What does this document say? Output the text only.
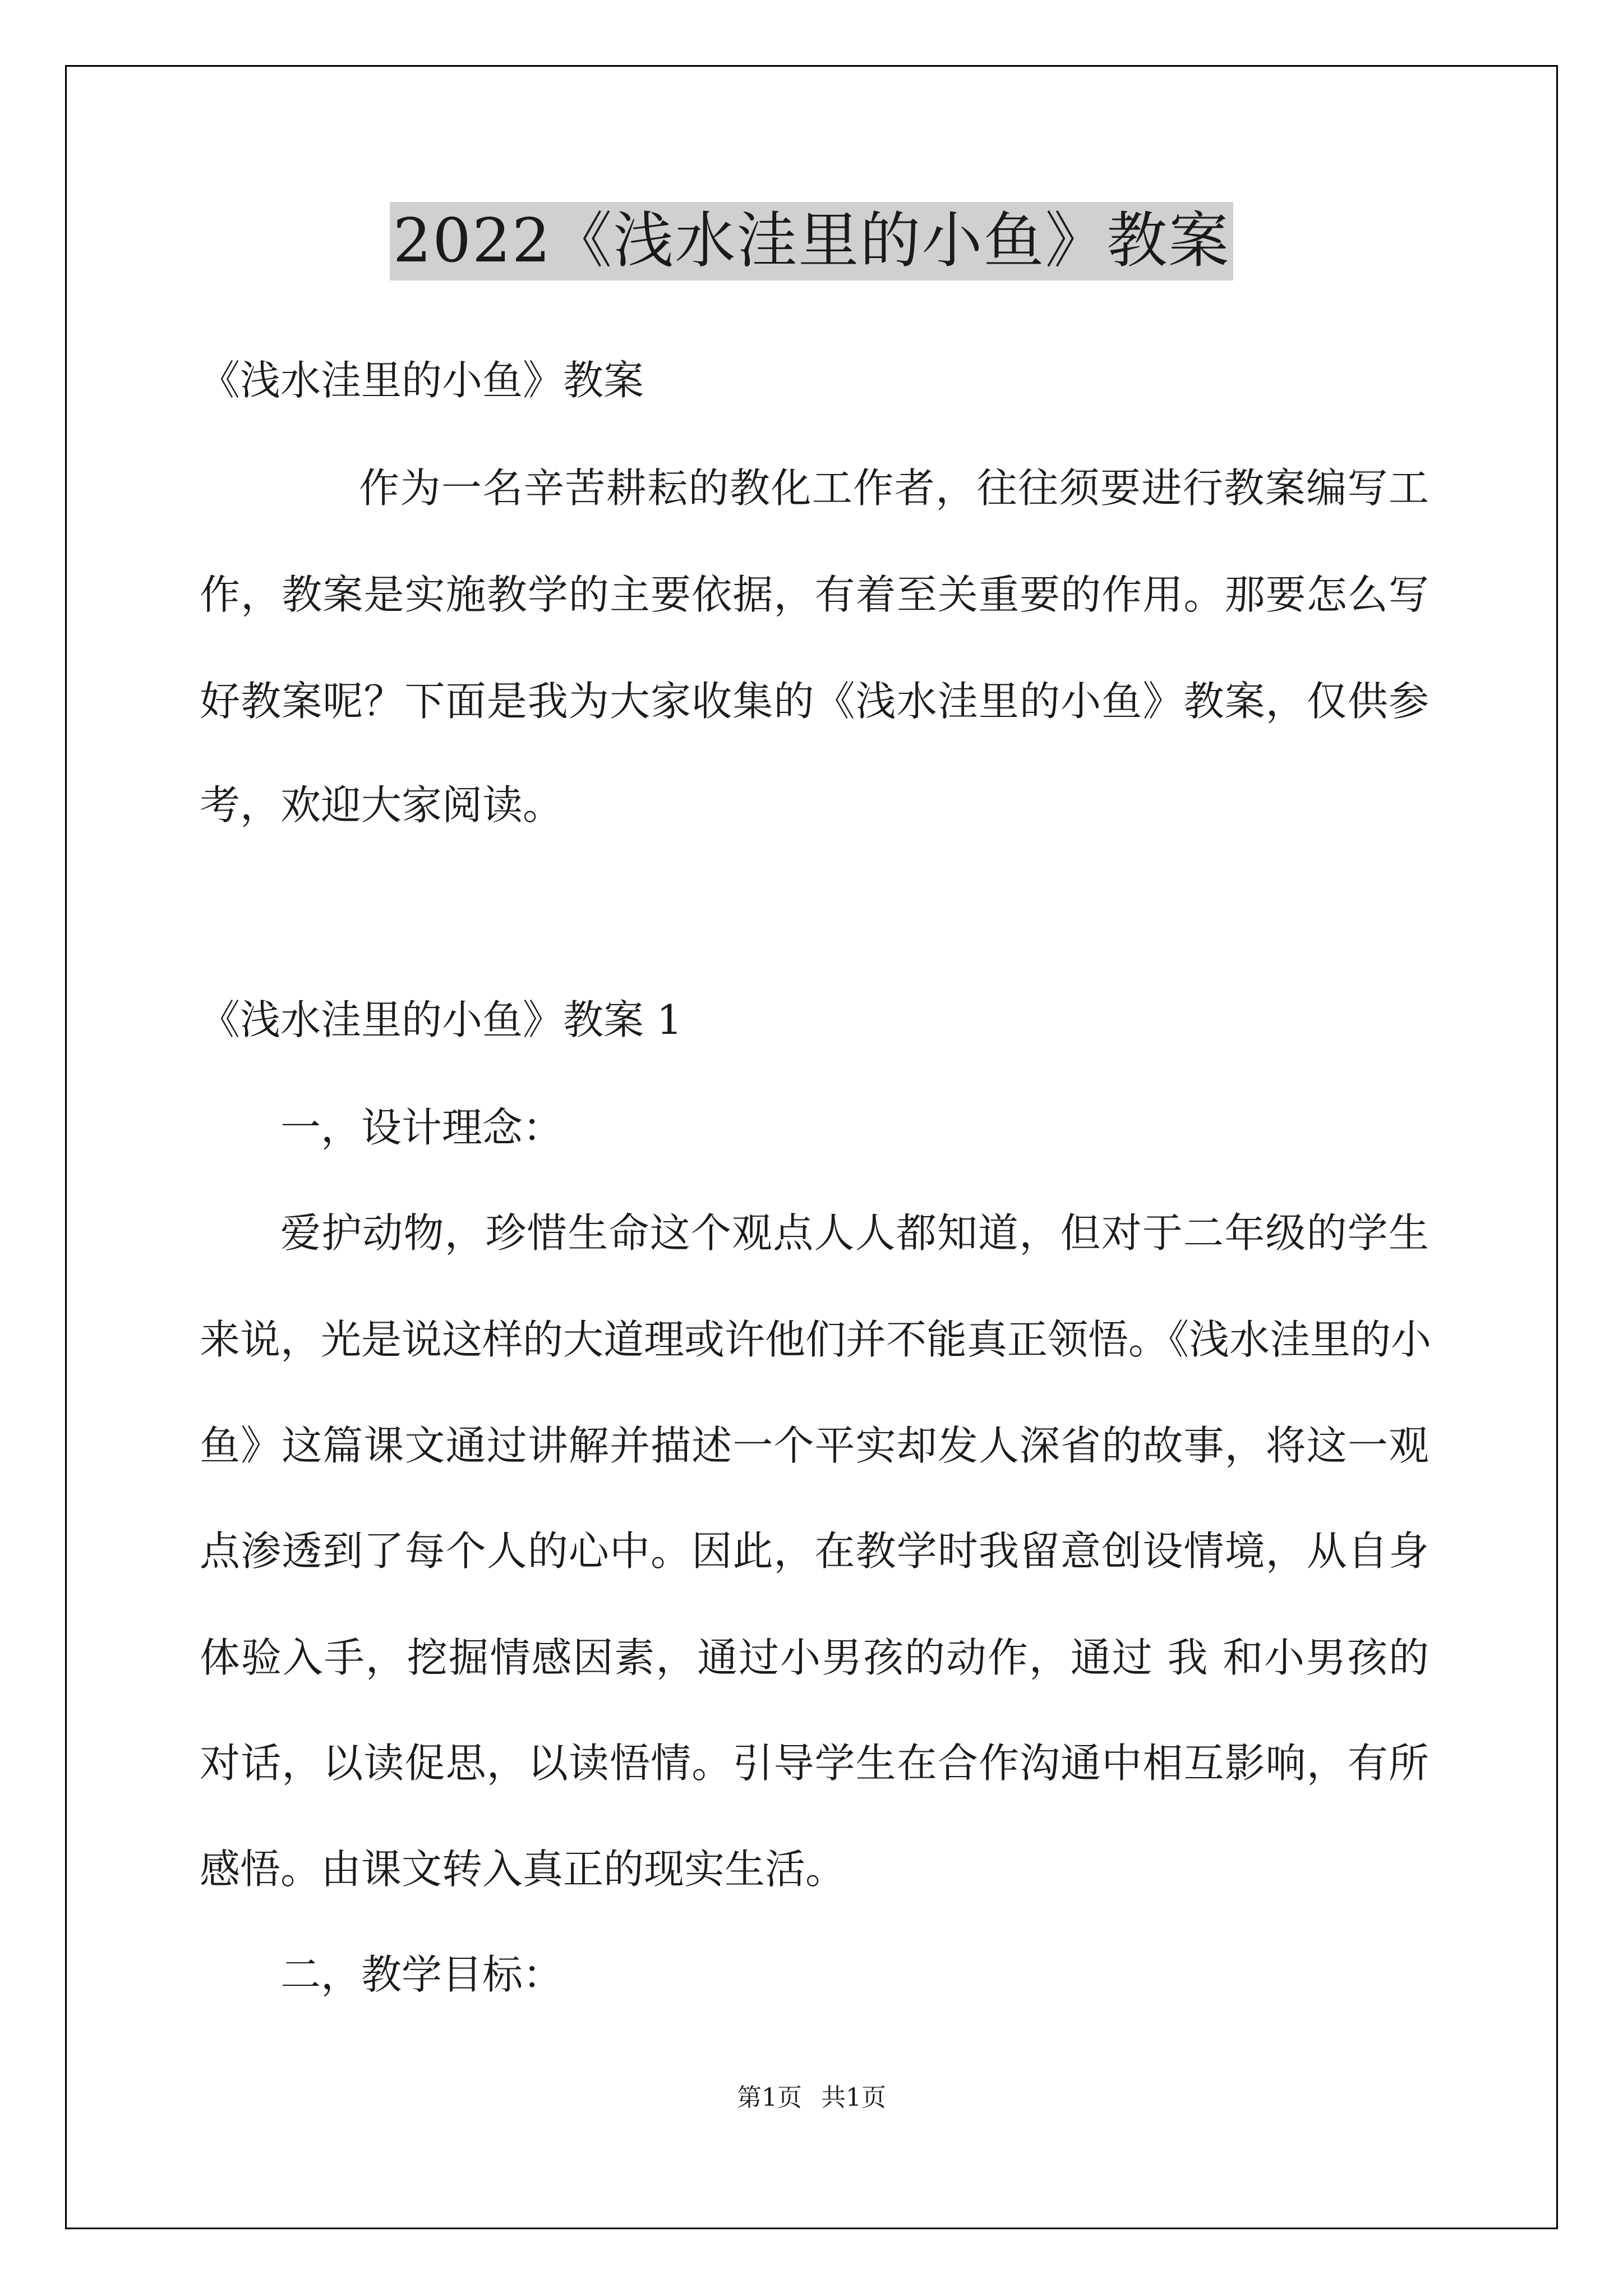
2022《浅水洼里的小鱼》教案
《浅水洼里的小鱼》教案
作为一名辛苦耕耘的教化工作者，往往须要进行教案编写工
作，教案是实施教学的主要依据，有着至关重要的作用。那要怎么写
好教案呢？下面是我为大家收集的《浅水洼里的小鱼》教案，仅供参
考，欢迎大家阅读。
《浅水洼里的小鱼》教案 1
一，设计理念：
爱护动物，珍惜生命这个观点人人都知道，但对于二年级的学生
来说，光是说这样的大道理或许他们并不能真正领悟。《浅水洼里的小
鱼》这篇课文通过讲解并描述一个平实却发人深省的故事，将这一观
点渗透到了每个人的心中。因此，在教学时我留意创设情境，从自身
体验入手，挖掘情感因素，通过小男孩的动作，通过 我 和小男孩的
对话，以读促思，以读悟情。引导学生在合作沟通中相互影响，有所
感悟。由课文转入真正的现实生活。
二，教学目标：
第1页 共1页
